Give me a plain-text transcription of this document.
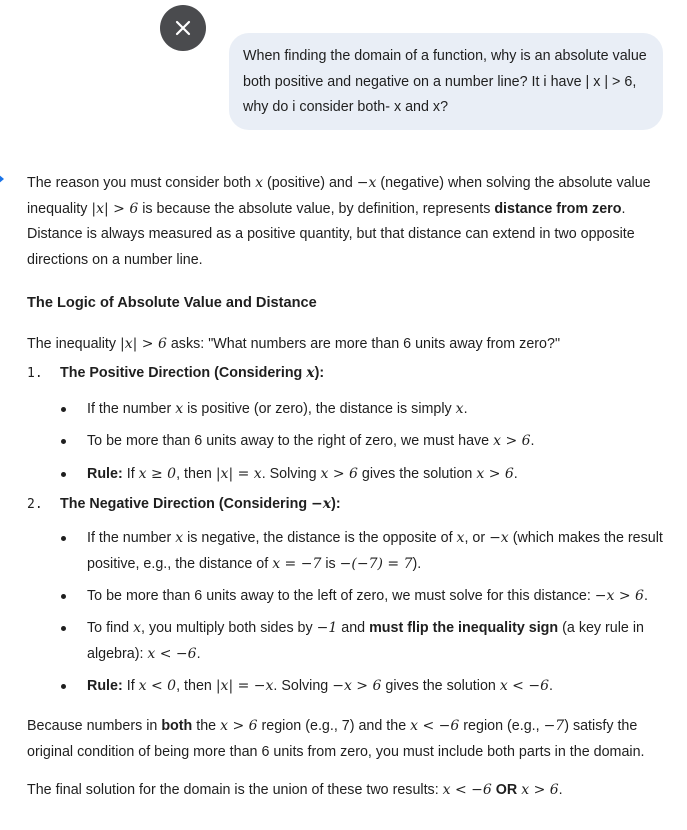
When finding the domain of a function, why is an absolute value both positive and negative on a number line? It i have | x | > 6, why do i consider both- x and x?
The reason you must consider both x (positive) and −x (negative) when solving the absolute value inequality |x| > 6 is because the absolute value, by definition, represents distance from zero. Distance is always measured as a positive quantity, but that distance can extend in two opposite directions on a number line.
The Logic of Absolute Value and Distance
The inequality |x| > 6 asks: "What numbers are more than 6 units away from zero?"
1. The Positive Direction (Considering x):
If the number x is positive (or zero), the distance is simply x.
To be more than 6 units away to the right of zero, we must have x > 6.
Rule: If x ≥ 0, then |x| = x. Solving x > 6 gives the solution x > 6.
2. The Negative Direction (Considering −x):
If the number x is negative, the distance is the opposite of x, or −x (which makes the result positive, e.g., the distance of x = −7 is −(−7) = 7).
To be more than 6 units away to the left of zero, we must solve for this distance: −x > 6.
To find x, you multiply both sides by −1 and must flip the inequality sign (a key rule in algebra): x < −6.
Rule: If x < 0, then |x| = −x. Solving −x > 6 gives the solution x < −6.
Because numbers in both the x > 6 region (e.g., 7) and the x < −6 region (e.g., −7) satisfy the original condition of being more than 6 units from zero, you must include both parts in the domain.
The final solution for the domain is the union of these two results: x < −6 OR x > 6.
